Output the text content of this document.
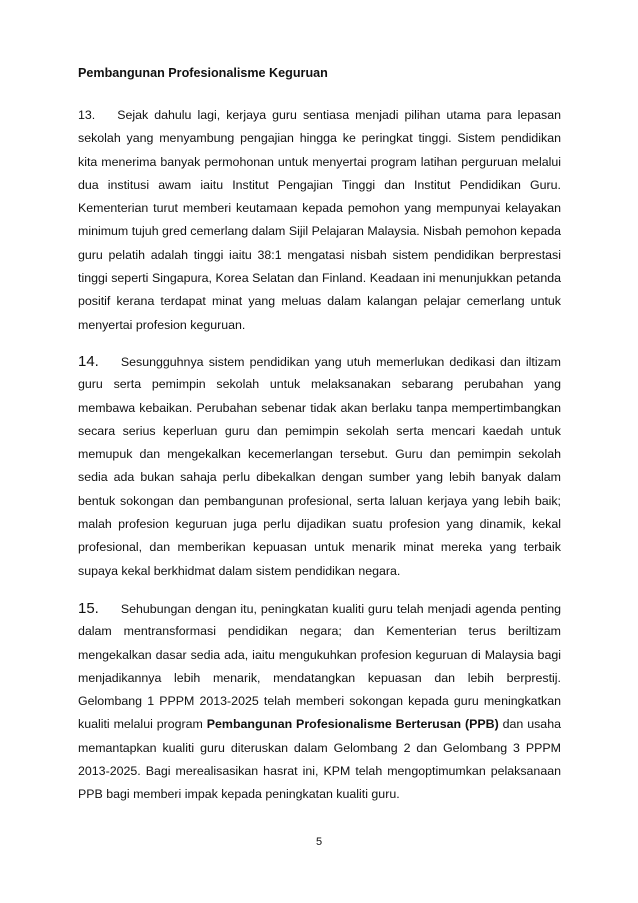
Pembangunan Profesionalisme Keguruan
13. Sejak dahulu lagi, kerjaya guru sentiasa menjadi pilihan utama para lepasan
sekolah yang menyambung pengajian hingga ke peringkat tinggi. Sistem pendidikan
kita menerima banyak permohonan untuk menyertai program latihan perguruan melalui
dua institusi awam iaitu Institut Pengajian Tinggi dan Institut Pendidikan Guru.
Kementerian turut memberi keutamaan kepada pemohon yang mempunyai kelayakan
minimum tujuh gred cemerlang dalam Sijil Pelajaran Malaysia. Nisbah pemohon kepada
guru pelatih adalah tinggi iaitu 38:1 mengatasi nisbah sistem pendidikan berprestasi
tinggi seperti Singapura, Korea Selatan dan Finland. Keadaan ini menunjukkan petanda
positif kerana terdapat minat yang meluas dalam kalangan pelajar cemerlang untuk
menyertai profesion keguruan.
14. Sesungguhnya sistem pendidikan yang utuh memerlukan dedikasi dan iltizam
guru serta pemimpin sekolah untuk melaksanakan sebarang perubahan yang
membawa kebaikan. Perubahan sebenar tidak akan berlaku tanpa mempertimbangkan
secara serius keperluan guru dan pemimpin sekolah serta mencari kaedah untuk
memupuk dan mengekalkan kecemerlangan tersebut. Guru dan pemimpin sekolah
sedia ada bukan sahaja perlu dibekalkan dengan sumber yang lebih banyak dalam
bentuk sokongan dan pembangunan profesional, serta laluan kerjaya yang lebih baik;
malah profesion keguruan juga perlu dijadikan suatu profesion yang dinamik, kekal
profesional, dan memberikan kepuasan untuk menarik minat mereka yang terbaik
supaya kekal berkhidmat dalam sistem pendidikan negara.
15. Sehubungan dengan itu, peningkatan kualiti guru telah menjadi agenda penting
dalam mentransformasi pendidikan negara; dan Kementerian terus beriltizam
mengekalkan dasar sedia ada, iaitu mengukuhkan profesion keguruan di Malaysia bagi
menjadikannya lebih menarik, mendatangkan kepuasan dan lebih berprestij.
Gelombang 1 PPPM 2013-2025 telah memberi sokongan kepada guru meningkatkan
kualiti melalui program Pembangunan Profesionalisme Berterusan (PPB) dan usaha
memantapkan kualiti guru diteruskan dalam Gelombang 2 dan Gelombang 3 PPPM
2013-2025. Bagi merealisasikan hasrat ini, KPM telah mengoptimumkan pelaksanaan
PPB bagi memberi impak kepada peningkatan kualiti guru.
5
